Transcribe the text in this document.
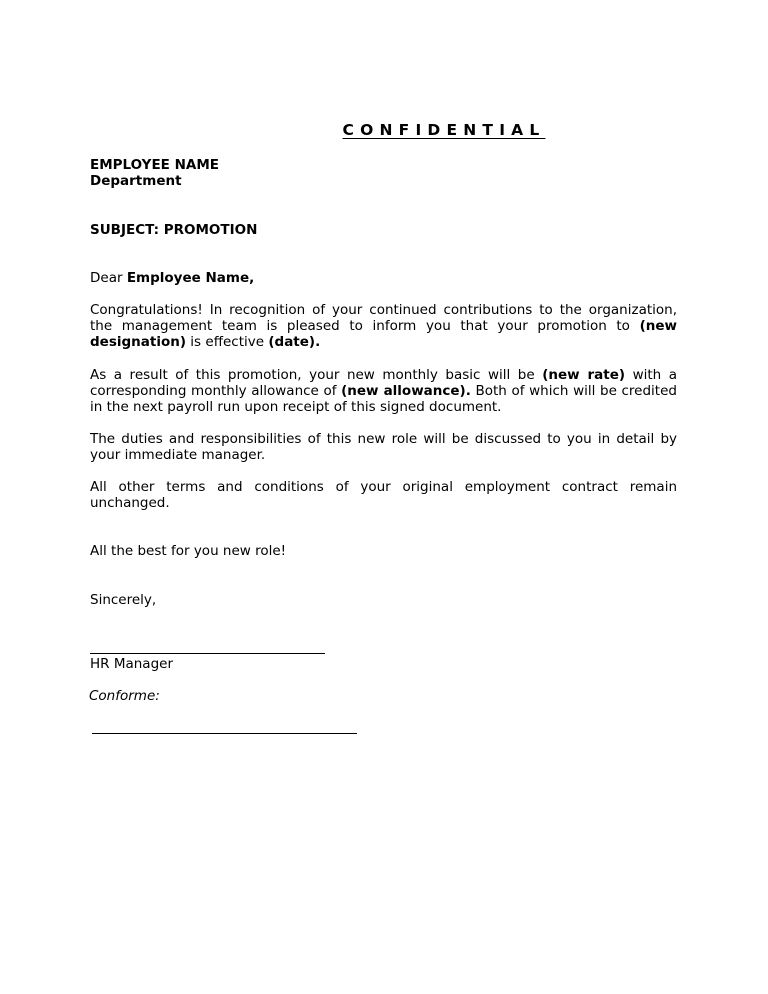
CONFIDENTIAL
EMPLOYEE NAME
Department
SUBJECT: PROMOTION
Dear Employee Name,
Congratulations! In recognition of your continued contributions to the organization, the management team is pleased to inform you that your promotion to (new designation) is effective (date).
As a result of this promotion, your new monthly basic will be (new rate) with a corresponding monthly allowance of (new allowance). Both of which will be credited in the next payroll run upon receipt of this signed document.
The duties and responsibilities of this new role will be discussed to you in detail by your immediate manager.
All other terms and conditions of your original employment contract remain unchanged.
All the best for you new role!
Sincerely,
HR Manager
Conforme:
